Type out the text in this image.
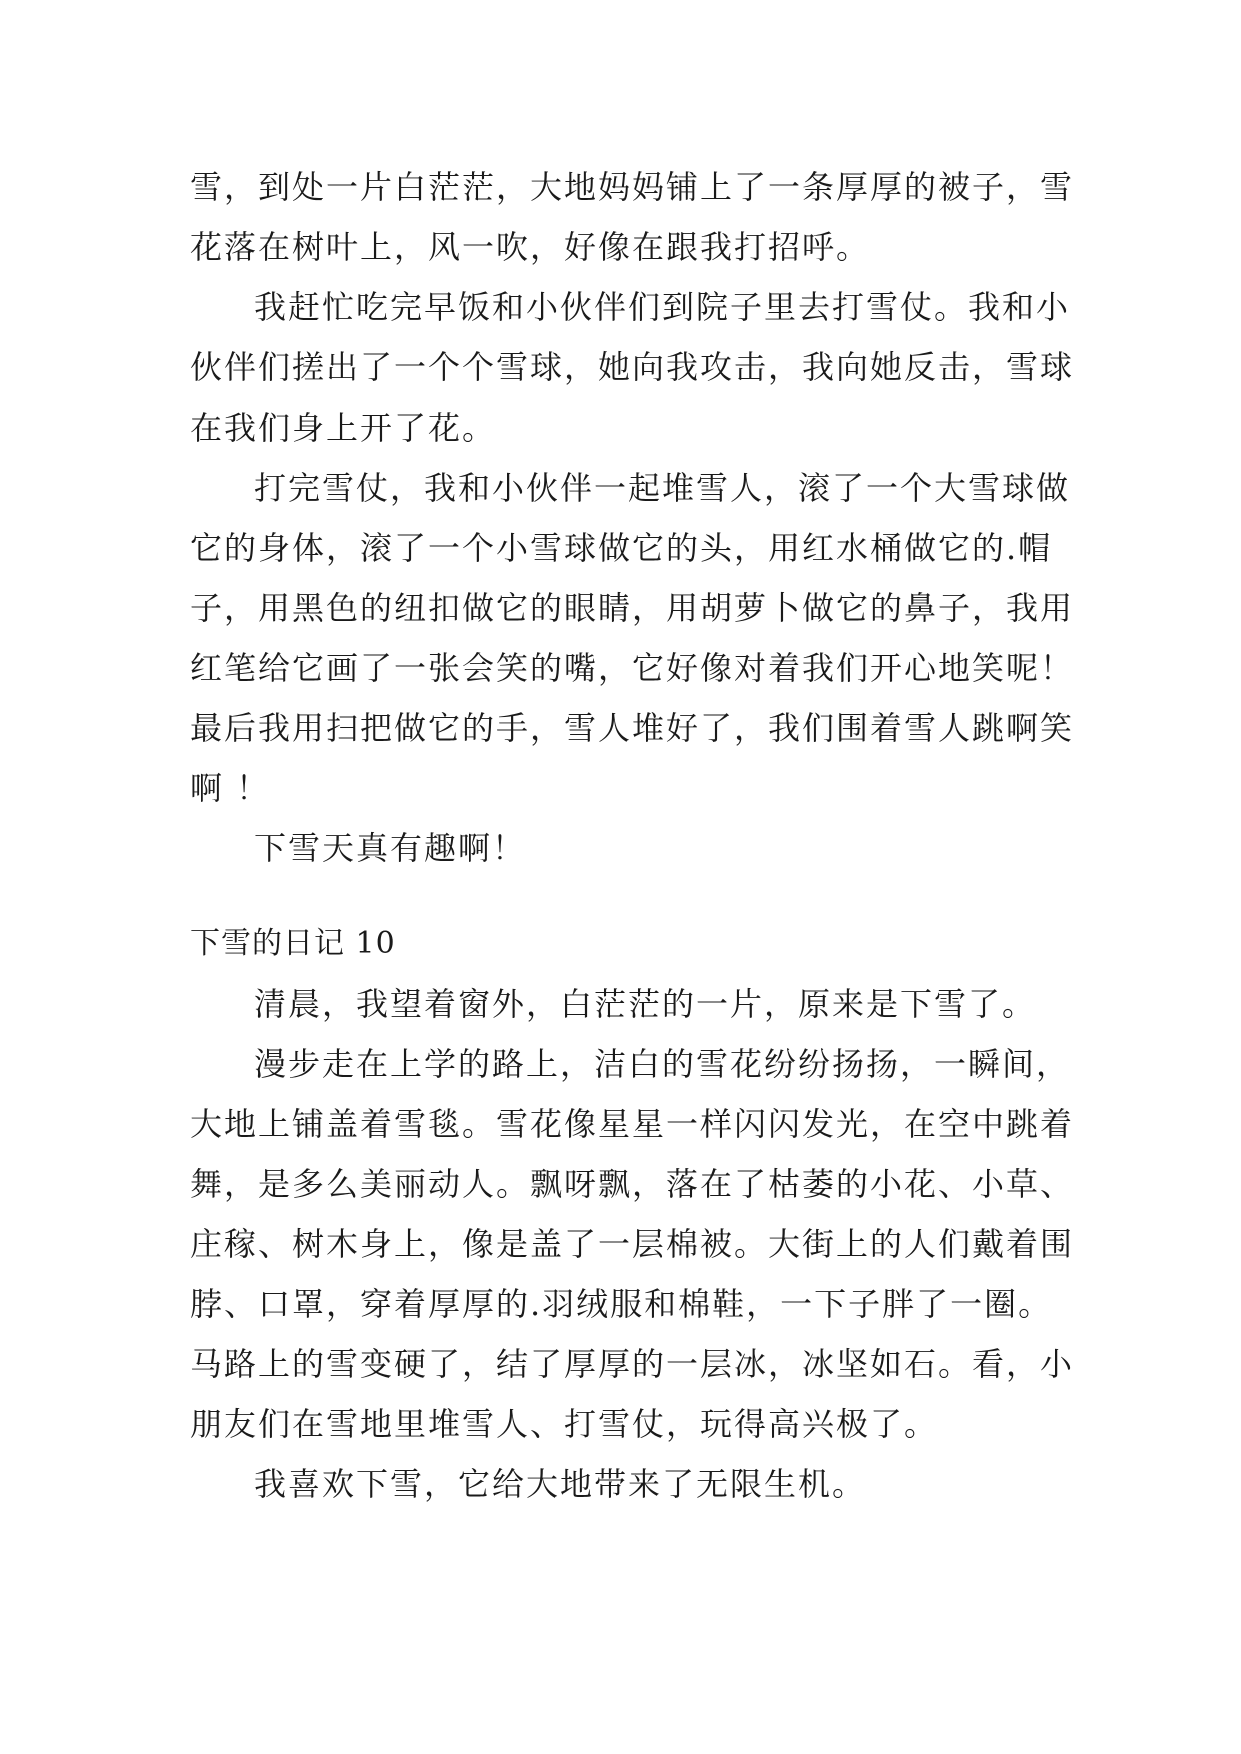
雪，到处一片白茫茫，大地妈妈铺上了一条厚厚的被子，雪
花落在树叶上，风一吹，好像在跟我打招呼。
我赶忙吃完早饭和小伙伴们到院子里去打雪仗。我和小
伙伴们搓出了一个个雪球，她向我攻击，我向她反击，雪球
在我们身上开了花。
打完雪仗，我和小伙伴一起堆雪人，滚了一个大雪球做
它的身体，滚了一个小雪球做它的头，用红水桶做它的.帽
子，用黑色的纽扣做它的眼睛，用胡萝卜做它的鼻子，我用
红笔给它画了一张会笑的嘴，它好像对着我们开心地笑呢！
最后我用扫把做它的手，雪人堆好了，我们围着雪人跳啊笑
啊 ！
下雪天真有趣啊！
下雪的日记 10
清晨，我望着窗外，白茫茫的一片，原来是下雪了。
漫步走在上学的路上，洁白的雪花纷纷扬扬，一瞬间，
大地上铺盖着雪毯。雪花像星星一样闪闪发光，在空中跳着
舞，是多么美丽动人。飘呀飘，落在了枯萎的小花、小草、
庄稼、树木身上，像是盖了一层棉被。大街上的人们戴着围
脖、口罩，穿着厚厚的.羽绒服和棉鞋，一下子胖了一圈。
马路上的雪变硬了，结了厚厚的一层冰，冰坚如石。看，小
朋友们在雪地里堆雪人、打雪仗，玩得高兴极了。
我喜欢下雪，它给大地带来了无限生机。
